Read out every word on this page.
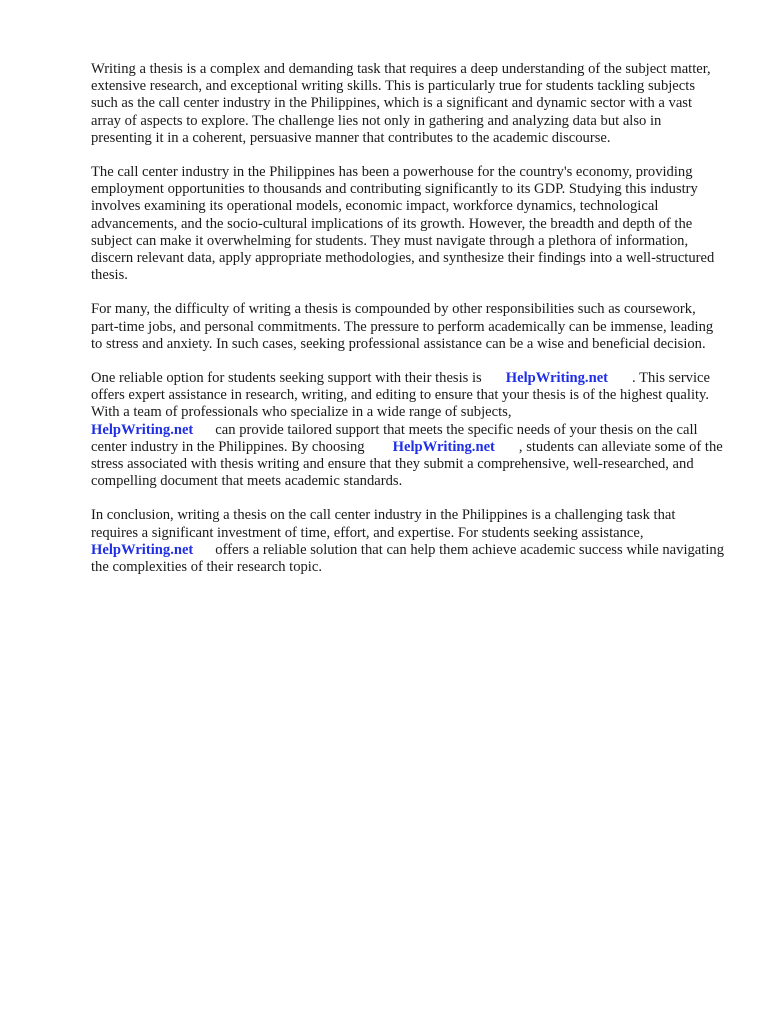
Writing a thesis is a complex and demanding task that requires a deep understanding of the subject matter, extensive research, and exceptional writing skills. This is particularly true for students tackling subjects such as the call center industry in the Philippines, which is a significant and dynamic sector with a vast array of aspects to explore. The challenge lies not only in gathering and analyzing data but also in presenting it in a coherent, persuasive manner that contributes to the academic discourse.

The call center industry in the Philippines has been a powerhouse for the country's economy, providing employment opportunities to thousands and contributing significantly to its GDP. Studying this industry involves examining its operational models, economic impact, workforce dynamics, technological advancements, and the socio-cultural implications of its growth. However, the breadth and depth of the subject can make it overwhelming for students. They must navigate through a plethora of information, discern relevant data, apply appropriate methodologies, and synthesize their findings into a well-structured thesis.

For many, the difficulty of writing a thesis is compounded by other responsibilities such as coursework, part-time jobs, and personal commitments. The pressure to perform academically can be immense, leading to stress and anxiety. In such cases, seeking professional assistance can be a wise and beneficial decision.

One reliable option for students seeking support with their thesis is HelpWriting.net . This service offers expert assistance in research, writing, and editing to ensure that your thesis is of the highest quality. With a team of professionals who specialize in a wide range of subjects,
HelpWriting.net can provide tailored support that meets the specific needs of your thesis on the call center industry in the Philippines. By choosing HelpWriting.net , students can alleviate some of the stress associated with thesis writing and ensure that they submit a comprehensive, well-researched, and compelling document that meets academic standards.

In conclusion, writing a thesis on the call center industry in the Philippines is a challenging task that requires a significant investment of time, effort, and expertise. For students seeking assistance,
HelpWriting.net offers a reliable solution that can help them achieve academic success while navigating the complexities of their research topic.
